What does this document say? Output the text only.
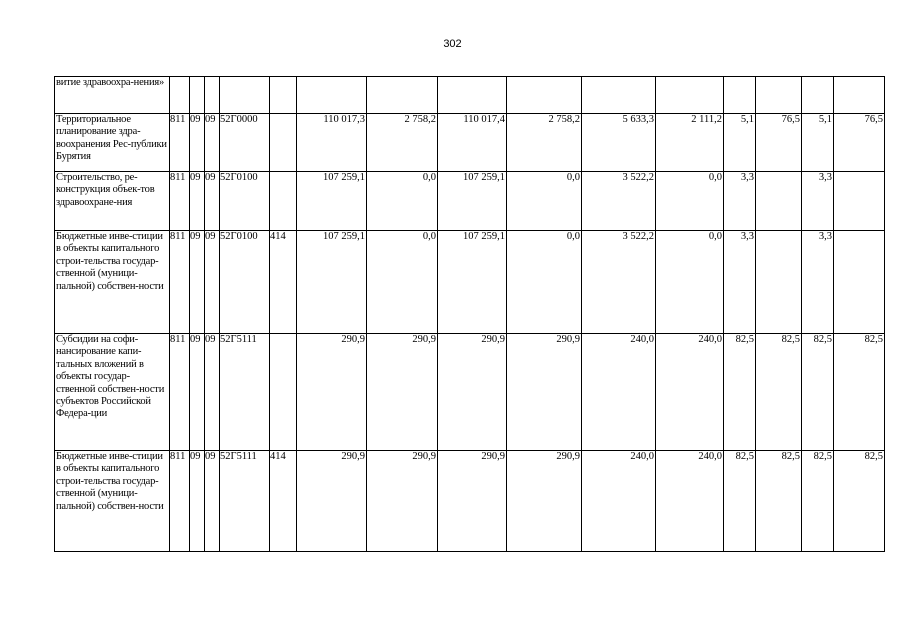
302
витие здравоохра-нения»															
Территориальное планирование здра-воохранения Рес-публики Бурятия	811	09	09	52Г0000		110 017,3	2 758,2	110 017,4	2 758,2	5 633,3	2 111,2	5,1	76,5	5,1	76,5
Строительство, ре-конструкция объек-тов здравоохране-ния	811	09	09	52Г0100		107 259,1	0,0	107 259,1	0,0	3 522,2	0,0	3,3		3,3	
Бюджетные инве-стиции в объекты капитального строи-тельства государ-ственной (муници-пальной) собствен-ности	811	09	09	52Г0100	414	107 259,1	0,0	107 259,1	0,0	3 522,2	0,0	3,3		3,3	
Субсидии на софи-нансирование капи-тальных вложений в объекты государ-ственной собствен-ности субъектов Российской Федера-ции	811	09	09	52Г5111		290,9	290,9	290,9	290,9	240,0	240,0	82,5	82,5	82,5	82,5
Бюджетные инве-стиции в объекты капитального строи-тельства государ-ственной (муници-пальной) собствен-ности	811	09	09	52Г5111	414	290,9	290,9	290,9	290,9	240,0	240,0	82,5	82,5	82,5	82,5
